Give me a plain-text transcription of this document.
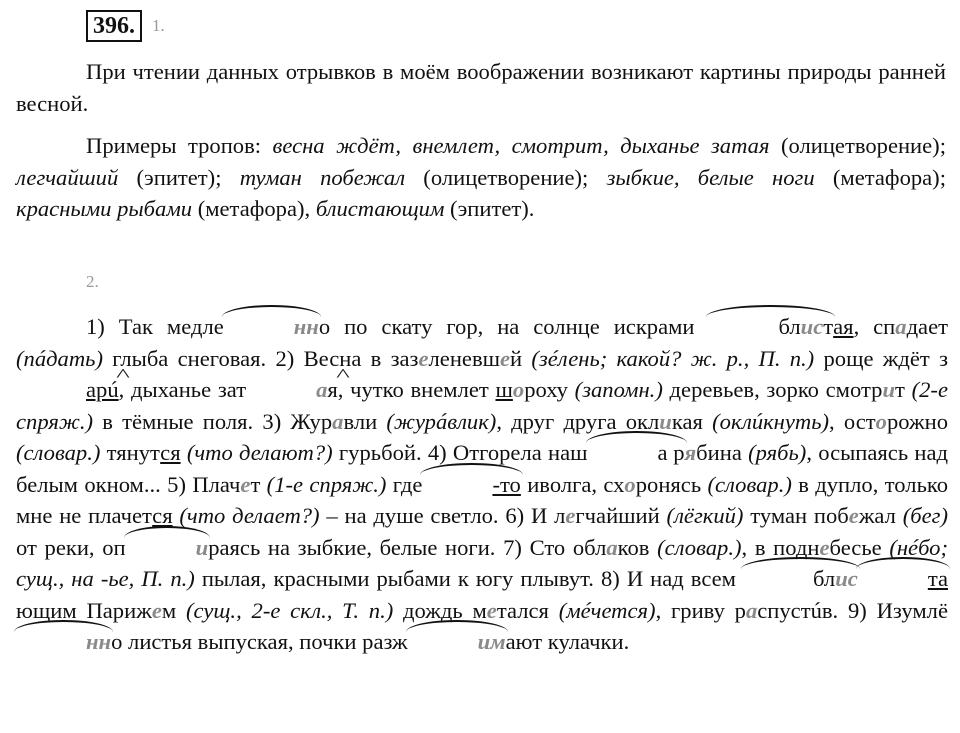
396. 1.

При чтении данных отрывков в моём воображении возникают картины природы ранней весной.

Примеры тропов: весна ждёт, внемлет, смотрит, дыханье затая (олицетворение); легчайший (эпитет); туман побежал (олицетворение); зыбкие, белые ноги (метафора); красными рыбами (метафора), блистающим (эпитет).

2.

1) Так медле	нно по скату гор, на солнце искрами	блистая, спадает (пáдать) глыба снеговая. 2) Весна в зазеленевшей (зéлень; какой? ж. р., П. п.) роще ждёт з^ арú, дыханье зат^	ая, чутко внемлет шороху (запомн.) деревьев, зорко смотрит (2-е спряж.) в тёмные поля. 3) Журавли (журáвлик), друг друга окликая (оклúкнуть), осторожно (словар.) тянутся (что делают?) гурьбой. 4) Отгорела наш	а рябина (рябь), осыпаясь над белым окном... 5) Плачет (1-е спряж.) где	-то иволга, схоронясь (словар.) в дупло, только мне не плачется (что делает?) – на душе светло. 6) И легчайший (лёгкий) туман побежал (бег) от реки, оп	ираясь на зыбкие, белые ноги. 7) Сто облаков (словар.), в поднебесье (нéбо; сущ., на -ье, П. п.) пылая, красными рыбами к югу плывут. 8) И над всем	блис	тающим Парижем (сущ., 2-е скл., Т. п.) дождь метался (мéчется), гриву распустúв. 9) Изумлённо листья выпуская, почки разж	имают кулачки.
